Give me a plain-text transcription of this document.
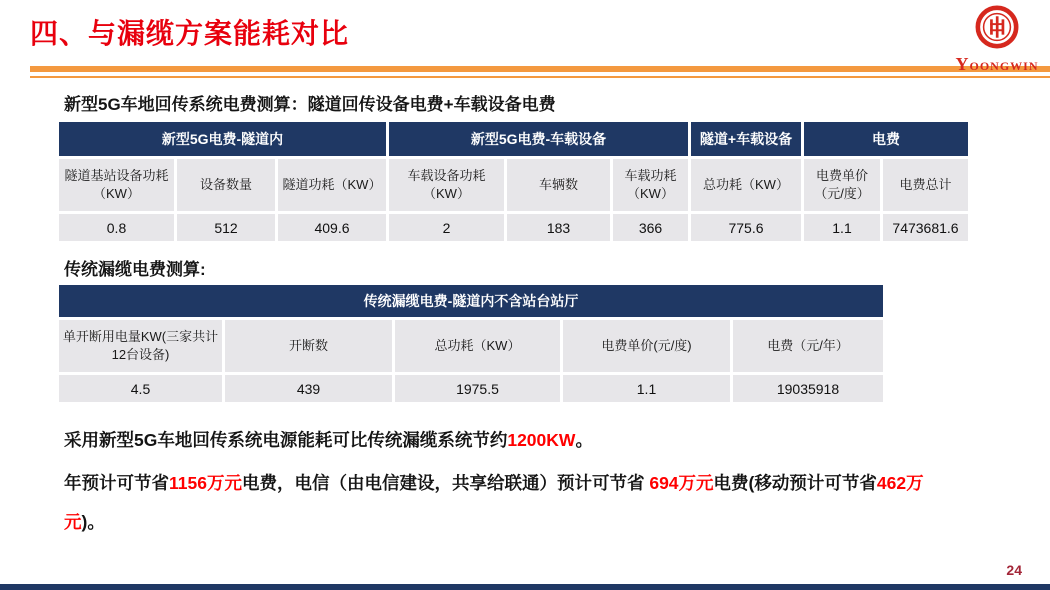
四、与漏缆方案能耗对比
YOONGWIN
新型5G车地回传系统电费测算：隧道回传设备电费+车载设备电费
新型5G电费-隧道内			新型5G电费-车载设备			隧道+车载设备	电费	
隧道基站设备功耗（KW）	设备数量	隧道功耗（KW）	车载设备功耗（KW）	车辆数	车载功耗（KW）	总功耗（KW）	电费单价（元/度）	电费总计
0.8	512	409.6	2	183	366	775.6	1.1	7473681.6
传统漏缆电费测算:
传统漏缆电费-隧道内不含站台站厅				
单开断用电量KW(三家共计12台设备)	开断数	总功耗（KW）	电费单价(元/度)	电费（元/年）
4.5	439	1975.5	1.1	19035918
采用新型5G车地回传系统电源能耗可比传统漏缆系统节约1200KW。
年预计可节省1156万元电费，电信（由电信建设，共享给联通）预计可节省 694万元电费(移动预计可节省462万元)。
24
